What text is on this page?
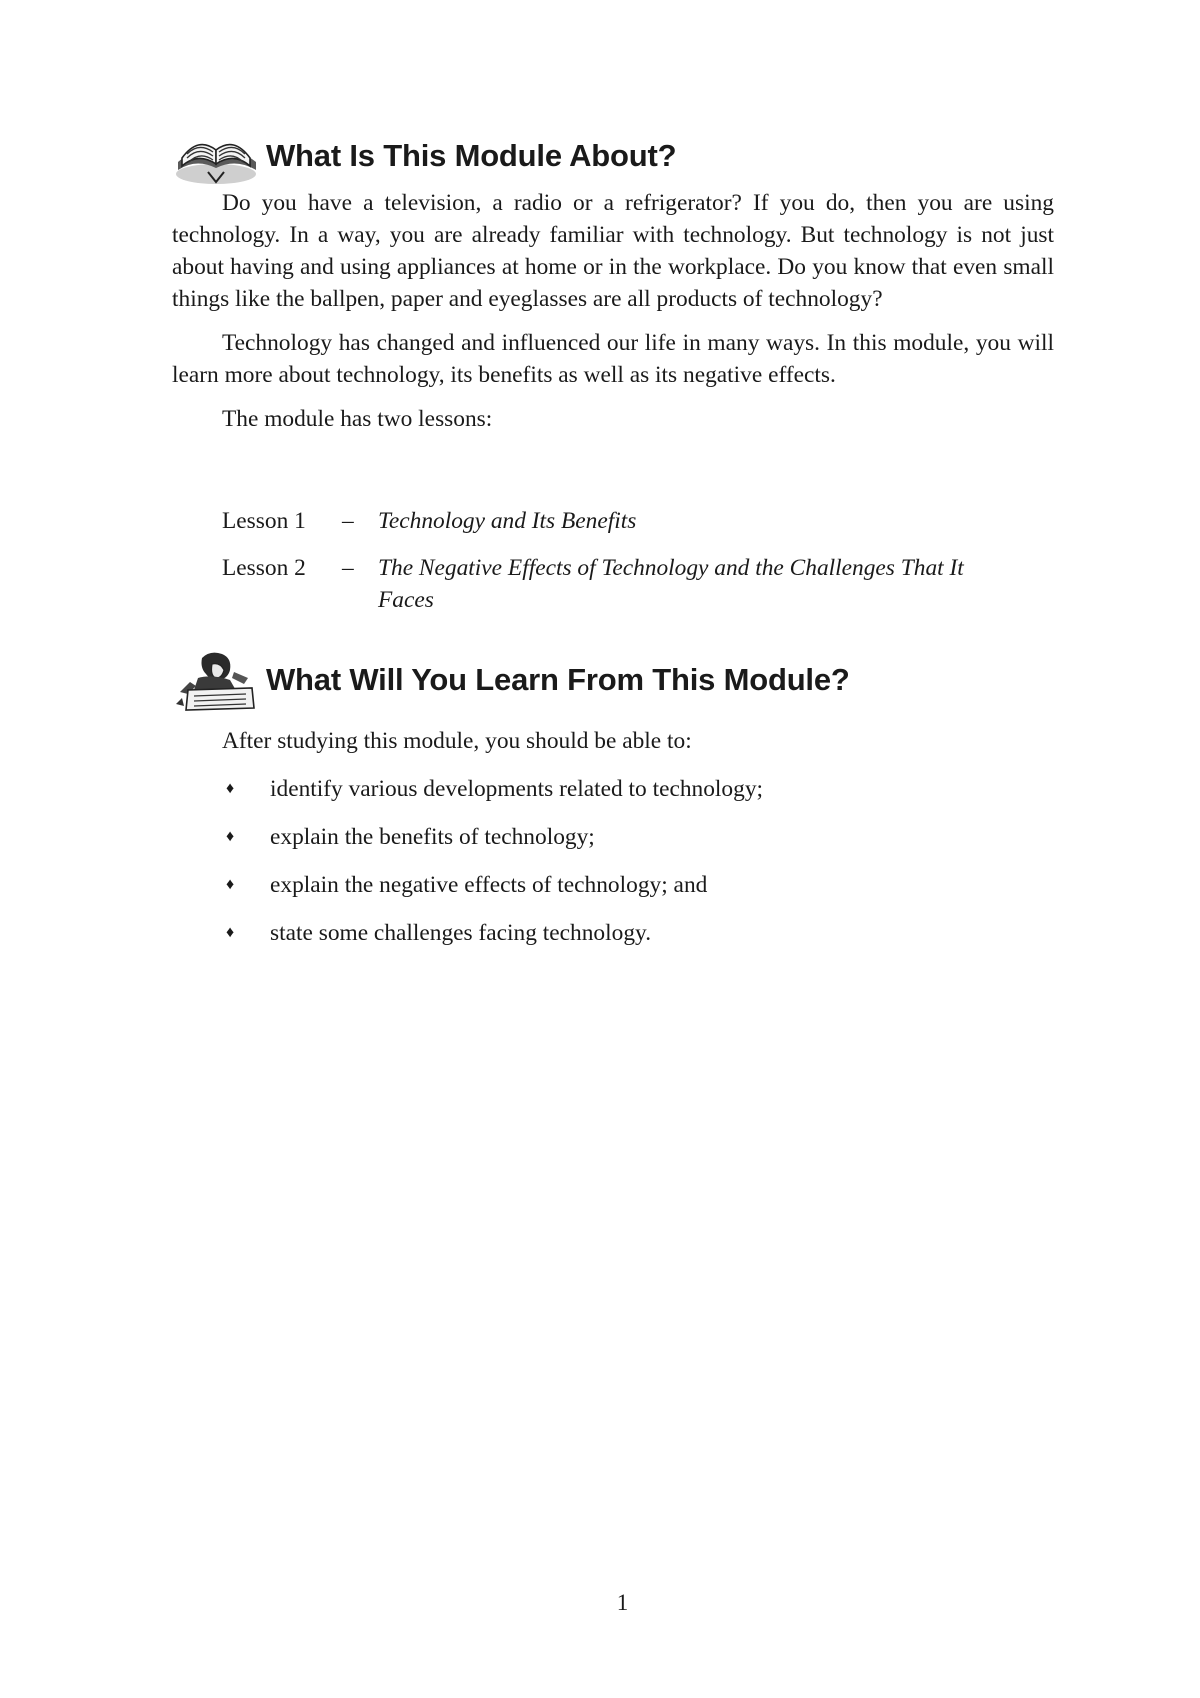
What Is This Module About?

Do you have a television, a radio or a refrigerator? If you do, then you are using technology. In a way, you are already familiar with technology. But technology is not just about having and using appliances at home or in the workplace. Do you know that even small things like the ballpen, paper and eyeglasses are all products of technology?

Technology has changed and influenced our life in many ways. In this module, you will learn more about technology, its benefits as well as its negative effects.

The module has two lessons:

Lesson 1	–	Technology and Its Benefits
Lesson 2	–	The Negative Effects of Technology and the Challenges That It Faces
What Will You Learn From This Module?

After studying this module, you should be able to:

♦	identify various developments related to technology;
♦	explain the benefits of technology;
♦	explain the negative effects of technology; and
♦	state some challenges facing technology.
1
